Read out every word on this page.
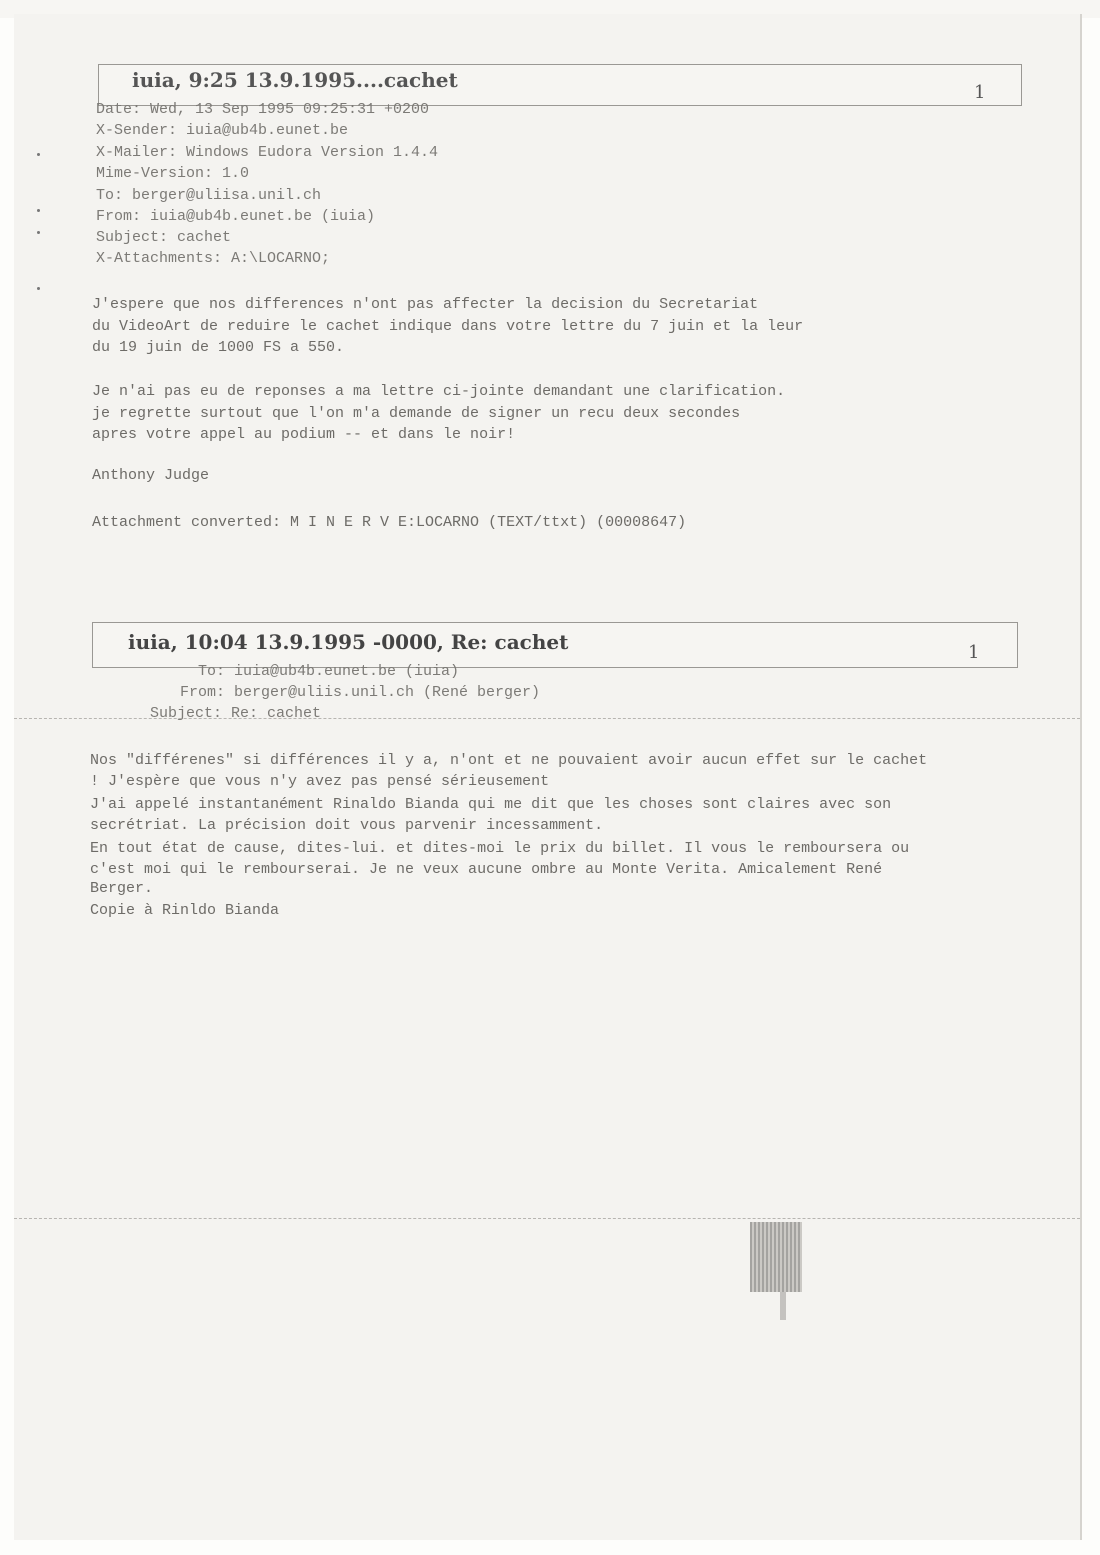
iuia, 9:25 13.9.1995....cachet
1
Date: Wed, 13 Sep 1995 09:25:31 +0200
X-Sender: iuia@ub4b.eunet.be
X-Mailer: Windows Eudora Version 1.4.4
Mime-Version: 1.0
To: berger@uliisa.unil.ch
From: iuia@ub4b.eunet.be (iuia)
Subject: cachet
X-Attachments: A:\LOCARNO;
J'espere que nos differences n'ont pas affecter la decision du Secretariat
du VideoArt de reduire le cachet indique dans votre lettre du 7 juin et la leur
du 19 juin de 1000 FS a 550.
Je n'ai pas eu de reponses a ma lettre ci-jointe demandant une clarification.
je regrette surtout que l'on m'a demande de signer un recu deux secondes
apres votre appel au podium -- et dans le noir!
Anthony Judge
Attachment converted: M I N E R V E:LOCARNO (TEXT/ttxt) (00008647)
iuia, 10:04 13.9.1995 -0000, Re: cachet	1
To: iuia@ub4b.eunet.be (iuia)
From: berger@uliis.unil.ch (René berger)
Subject: Re: cachet
Nos "différenes" si différences il y a, n'ont et ne pouvaient avoir aucun effet sur le cachet
! J'espère que vous n'y avez pas pensé sérieusement
J'ai appelé instantanément Rinaldo Bianda qui me dit que les choses sont claires avec son
secrétriat. La précision doit vous parvenir incessamment.
En tout état de cause, dites-lui. et dites-moi le prix du billet. Il vous le remboursera ou
c'est moi qui le rembourserai. Je ne veux aucune ombre au Monte Verita. Amicalement René
Berger.
Copie à Rinldo Bianda
